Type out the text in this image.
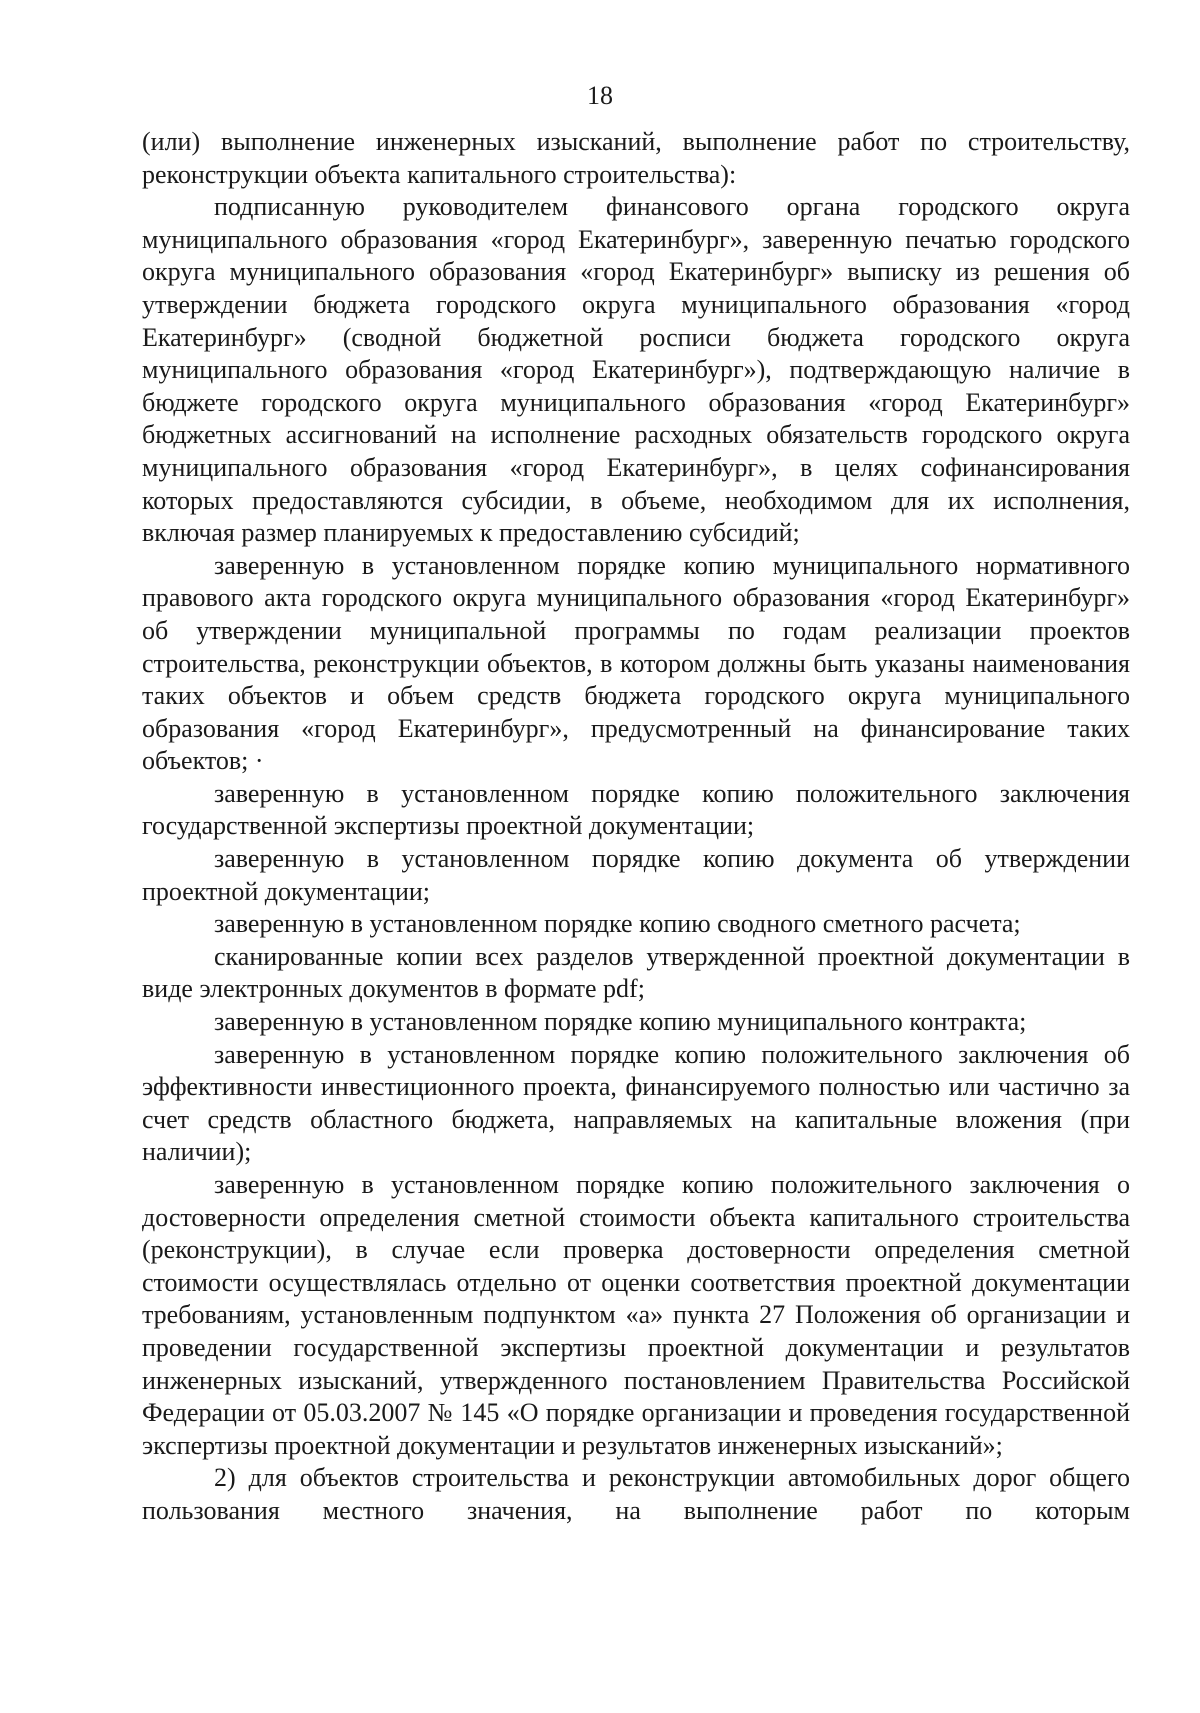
18

(или) выполнение инженерных изысканий, выполнение работ по строительству, реконструкции объекта капитального строительства):

подписанную руководителем финансового органа городского округа муниципального образования «город Екатеринбург», заверенную печатью городского округа муниципального образования «город Екатеринбург» выписку из решения об утверждении бюджета городского округа муниципального образования «город Екатеринбург» (сводной бюджетной росписи бюджета городского округа муниципального образования «город Екатеринбург»), подтверждающую наличие в бюджете городского округа муниципального образования «город Екатеринбург» бюджетных ассигнований на исполнение расходных обязательств городского округа муниципального образования «город Екатеринбург», в целях софинансирования которых предоставляются субсидии, в объеме, необходимом для их исполнения, включая размер планируемых к предоставлению субсидий;

заверенную в установленном порядке копию муниципального нормативного правового акта городского округа муниципального образования «город Екатеринбург» об утверждении муниципальной программы по годам реализации проектов строительства, реконструкции объектов, в котором должны быть указаны наименования таких объектов и объем средств бюджета городского округа муниципального образования «город Екатеринбург», предусмотренный на финансирование таких объектов; ·

заверенную в установленном порядке копию положительного заключения государственной экспертизы проектной документации;

заверенную в установленном порядке копию документа об утверждении проектной документации;

заверенную в установленном порядке копию сводного сметного расчета;

сканированные копии всех разделов утвержденной проектной документации в виде электронных документов в формате pdf;

заверенную в установленном порядке копию муниципального контракта;

заверенную в установленном порядке копию положительного заключения об эффективности инвестиционного проекта, финансируемого полностью или частично за счет средств областного бюджета, направляемых на капитальные вложения (при наличии);

заверенную в установленном порядке копию положительного заключения о достоверности определения сметной стоимости объекта капитального строительства (реконструкции), в случае если проверка достоверности определения сметной стоимости осуществлялась отдельно от оценки соответствия проектной документации требованиям, установленным подпунктом «а» пункта 27 Положения об организации и проведении государственной экспертизы проектной документации и результатов инженерных изысканий, утвержденного постановлением Правительства Российской Федерации от 05.03.2007 № 145 «О порядке организации и проведения государственной экспертизы проектной документации и результатов инженерных изысканий»;

2) для объектов строительства и реконструкции автомобильных дорог общего пользования местного значения, на выполнение работ по которым
